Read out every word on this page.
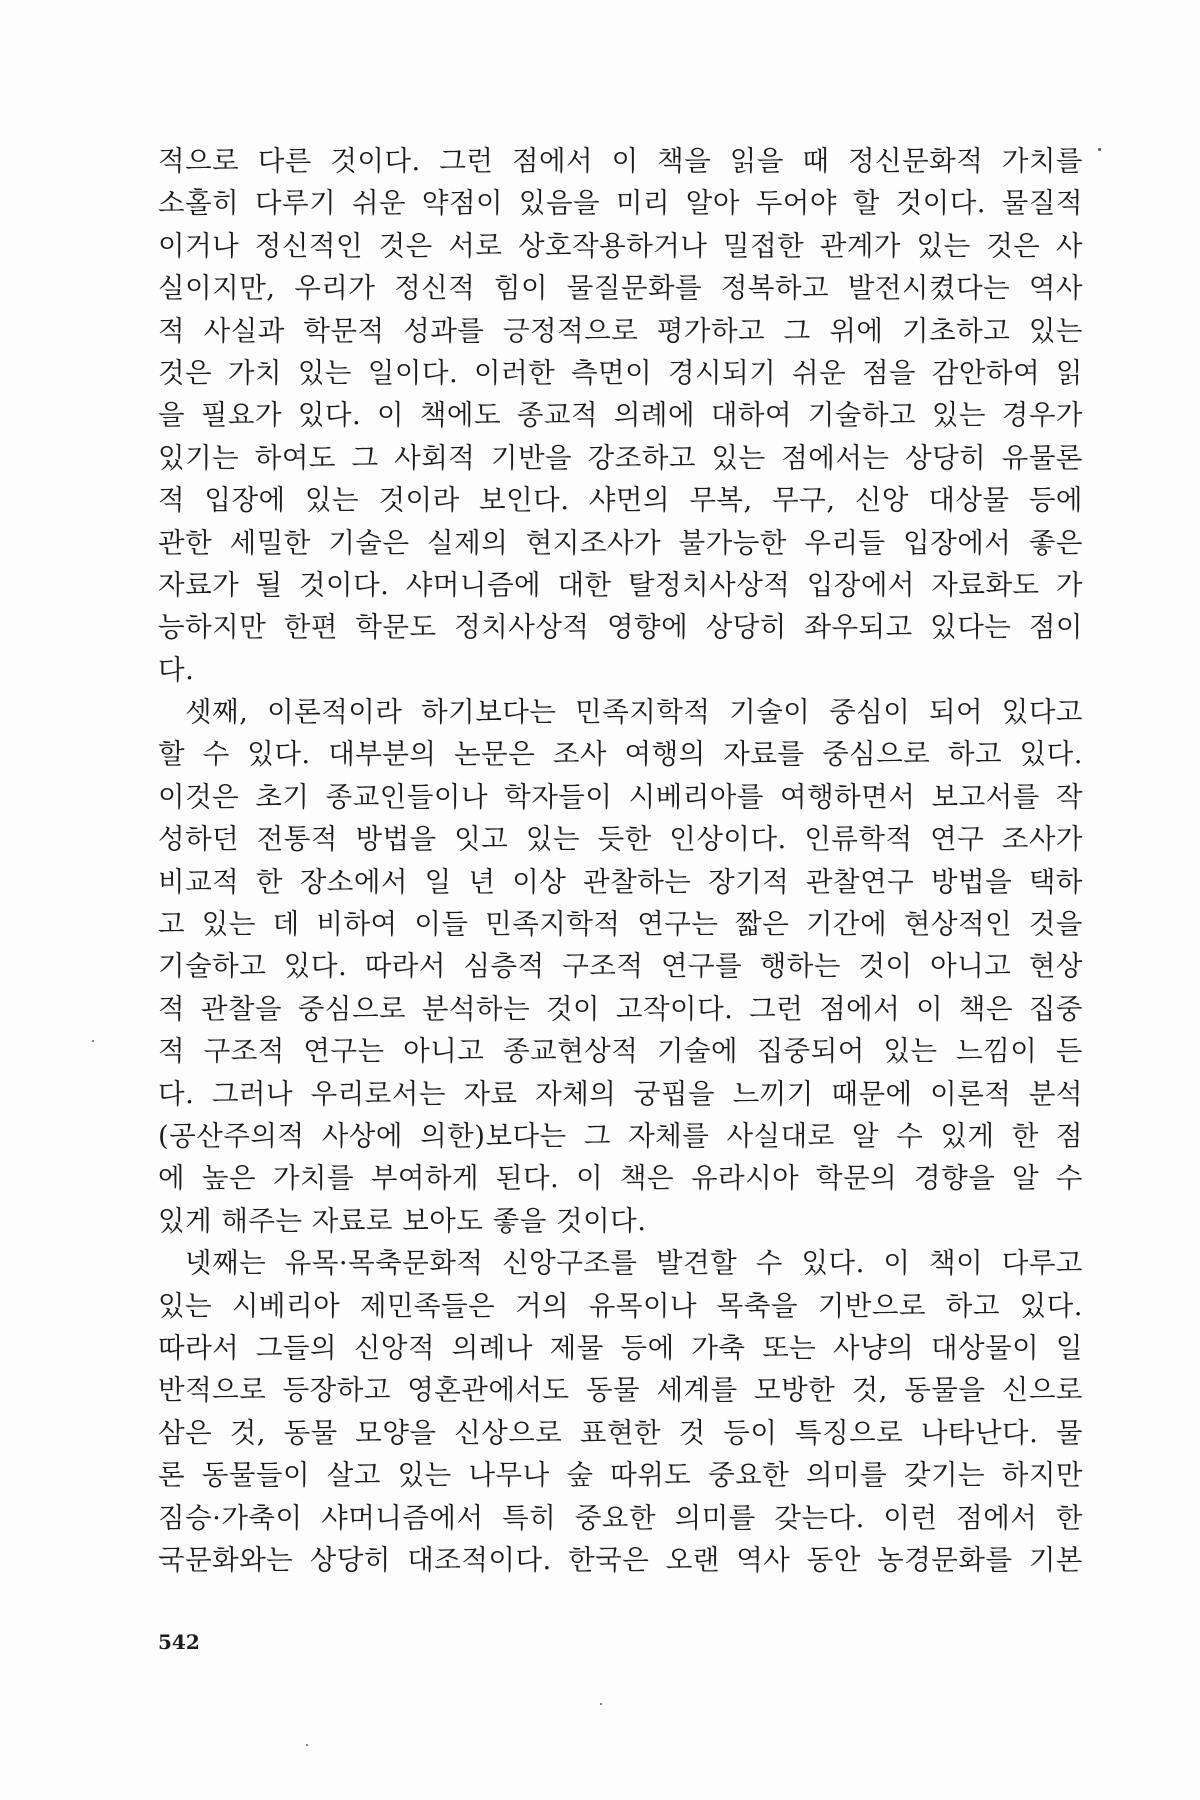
적으로 다른 것이다. 그런 점에서 이 책을 읽을 때 정신문화적 가치를
소홀히 다루기 쉬운 약점이 있음을 미리 알아 두어야 할 것이다. 물질적
이거나 정신적인 것은 서로 상호작용하거나 밀접한 관계가 있는 것은 사
실이지만, 우리가 정신적 힘이 물질문화를 정복하고 발전시켰다는 역사
적 사실과 학문적 성과를 긍정적으로 평가하고 그 위에 기초하고 있는
것은 가치 있는 일이다. 이러한 측면이 경시되기 쉬운 점을 감안하여 읽
을 필요가 있다. 이 책에도 종교적 의례에 대하여 기술하고 있는 경우가
있기는 하여도 그 사회적 기반을 강조하고 있는 점에서는 상당히 유물론
적 입장에 있는 것이라 보인다. 샤먼의 무복, 무구, 신앙 대상물 등에
관한 세밀한 기술은 실제의 현지조사가 불가능한 우리들 입장에서 좋은
자료가 될 것이다. 샤머니즘에 대한 탈정치사상적 입장에서 자료화도 가
능하지만 한편 학문도 정치사상적 영향에 상당히 좌우되고 있다는 점이
다.
셋째, 이론적이라 하기보다는 민족지학적 기술이 중심이 되어 있다고
할 수 있다. 대부분의 논문은 조사 여행의 자료를 중심으로 하고 있다.
이것은 초기 종교인들이나 학자들이 시베리아를 여행하면서 보고서를 작
성하던 전통적 방법을 잇고 있는 듯한 인상이다. 인류학적 연구 조사가
비교적 한 장소에서 일 년 이상 관찰하는 장기적 관찰연구 방법을 택하
고 있는 데 비하여 이들 민족지학적 연구는 짧은 기간에 현상적인 것을
기술하고 있다. 따라서 심층적 구조적 연구를 행하는 것이 아니고 현상
적 관찰을 중심으로 분석하는 것이 고작이다. 그런 점에서 이 책은 집중
적 구조적 연구는 아니고 종교현상적 기술에 집중되어 있는 느낌이 든
다. 그러나 우리로서는 자료 자체의 궁핍을 느끼기 때문에 이론적 분석
(공산주의적 사상에 의한)보다는 그 자체를 사실대로 알 수 있게 한 점
에 높은 가치를 부여하게 된다. 이 책은 유라시아 학문의 경향을 알 수
있게 해주는 자료로 보아도 좋을 것이다.
넷째는 유목·목축문화적 신앙구조를 발견할 수 있다. 이 책이 다루고
있는 시베리아 제민족들은 거의 유목이나 목축을 기반으로 하고 있다.
따라서 그들의 신앙적 의례나 제물 등에 가축 또는 사냥의 대상물이 일
반적으로 등장하고 영혼관에서도 동물 세계를 모방한 것, 동물을 신으로
삼은 것, 동물 모양을 신상으로 표현한 것 등이 특징으로 나타난다. 물
론 동물들이 살고 있는 나무나 숲 따위도 중요한 의미를 갖기는 하지만
짐승·가축이 샤머니즘에서 특히 중요한 의미를 갖는다. 이런 점에서 한
국문화와는 상당히 대조적이다. 한국은 오랜 역사 동안 농경문화를 기본
542
